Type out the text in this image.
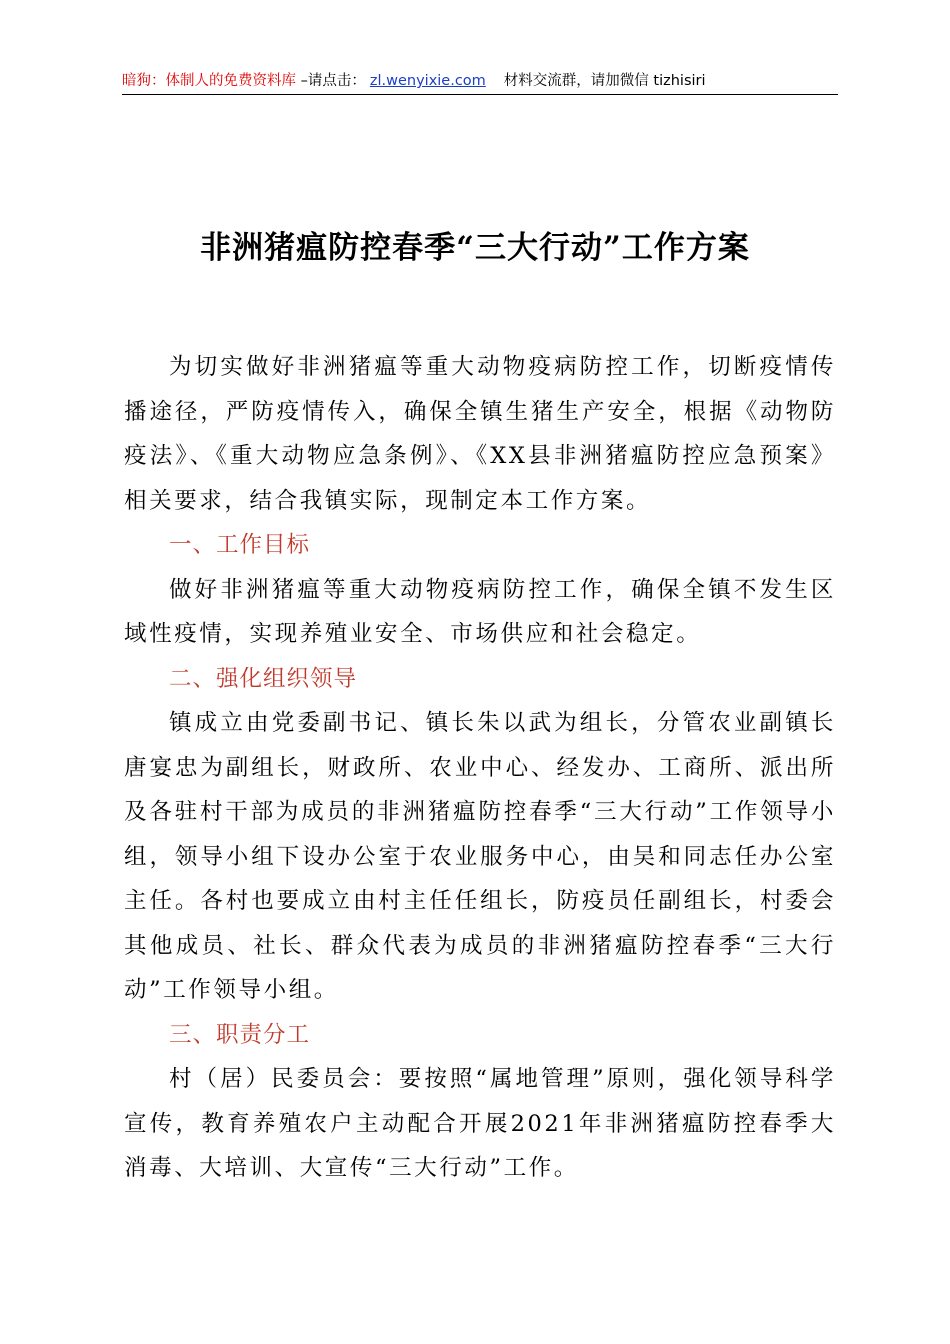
暗狗：体制人的免费资料库 –请点击： zl.wenyixie.com 材料交流群，请加微信 tizhisiri
非洲猪瘟防控春季“三大行动”工作方案

为切实做好非洲猪瘟等重大动物疫病防控工作，切断疫情传播途径，严防疫情传入，确保全镇生猪生产安全，根据《动物防疫法》、《重大动物应急条例》、《XX县非洲猪瘟防控应急预案》相关要求，结合我镇实际，现制定本工作方案。

一、工作目标

做好非洲猪瘟等重大动物疫病防控工作，确保全镇不发生区域性疫情，实现养殖业安全、市场供应和社会稳定。

二、强化组织领导

镇成立由党委副书记、镇长朱以武为组长，分管农业副镇长唐宴忠为副组长，财政所、农业中心、经发办、工商所、派出所及各驻村干部为成员的非洲猪瘟防控春季“三大行动”工作领导小组，领导小组下设办公室于农业服务中心，由吴和同志任办公室主任。各村也要成立由村主任任组长，防疫员任副组长，村委会其他成员、社长、群众代表为成员的非洲猪瘟防控春季“三大行动”工作领导小组。

三、职责分工

村（居）民委员会：要按照“属地管理”原则，强化领导科学宣传，教育养殖农户主动配合开展2021年非洲猪瘟防控春季大消毒、大培训、大宣传“三大行动”工作。
